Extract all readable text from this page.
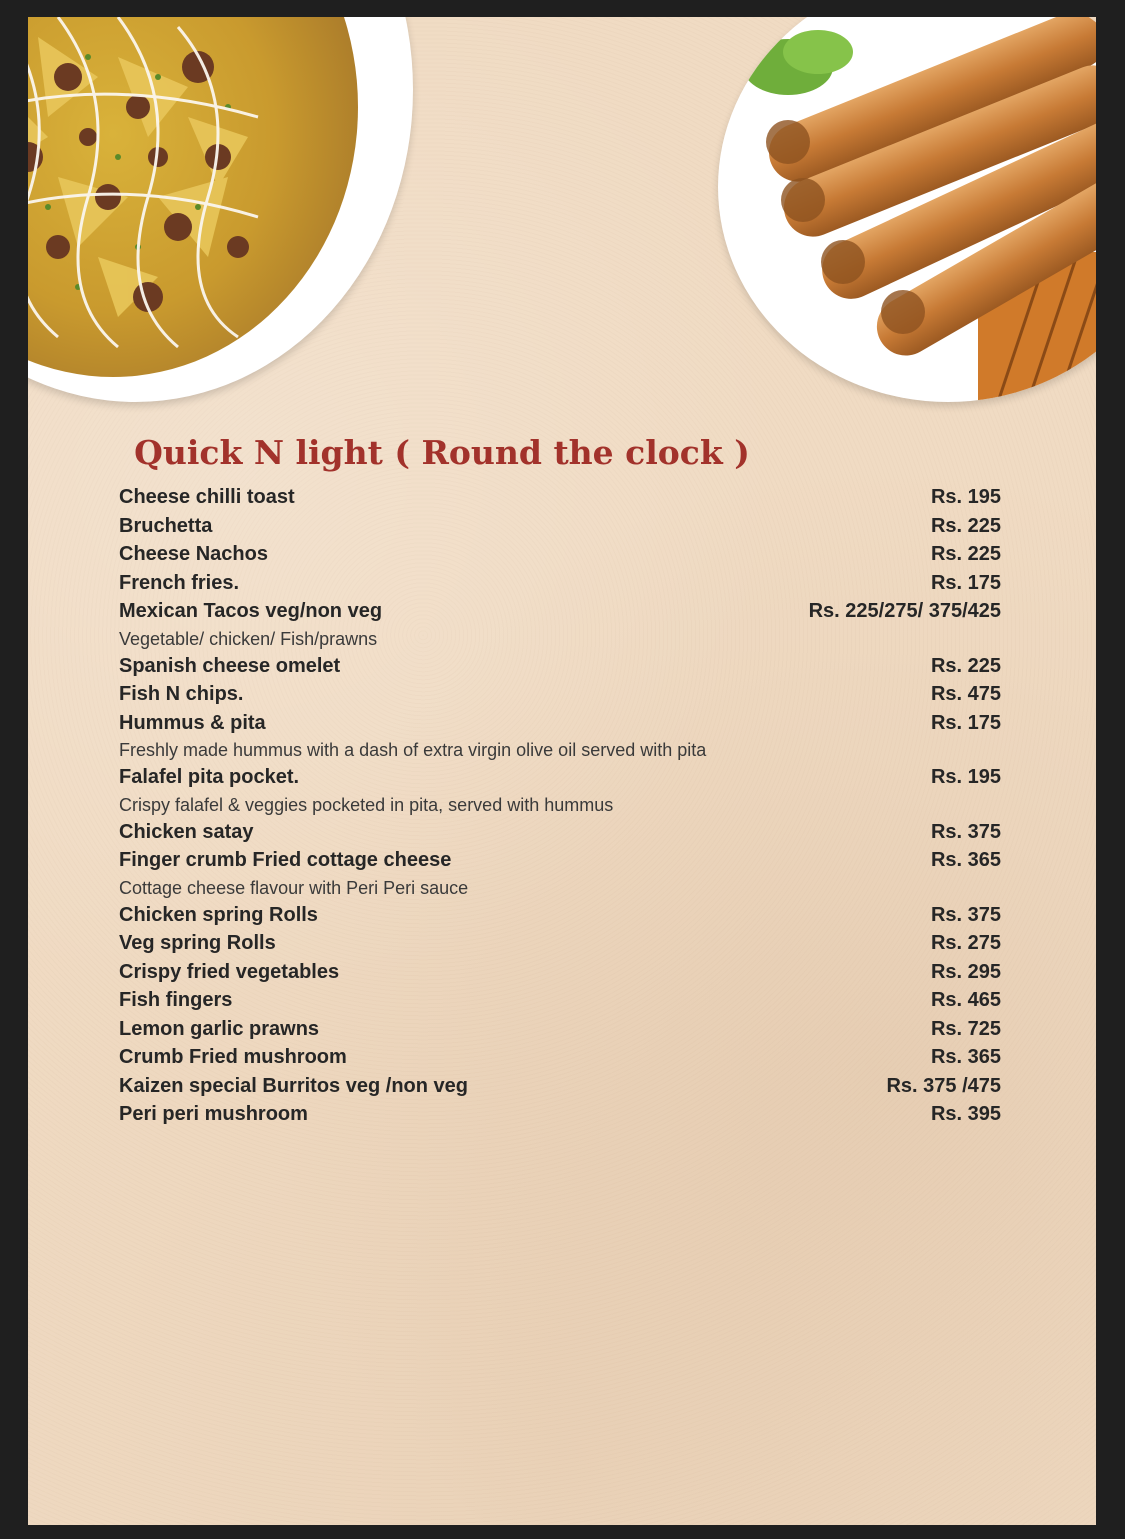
Quick N light ( Round the clock )
Cheese chilli toast	Rs. 195
Bruchetta	Rs. 225
Cheese Nachos	Rs. 225
French fries.	Rs. 175
Mexican Tacos veg/non veg	Rs. 225/275/ 375/425
Vegetable/ chicken/ Fish/prawns
Spanish cheese omelet	Rs. 225
Fish N chips.	Rs. 475
Hummus & pita	Rs. 175
Freshly made hummus with a dash of extra virgin olive oil served with pita
Falafel pita pocket.	Rs. 195
Crispy falafel & veggies pocketed in pita, served with hummus
Chicken satay	Rs. 375
Finger crumb Fried cottage cheese	Rs. 365
Cottage cheese flavour with Peri Peri sauce
Chicken spring Rolls	Rs. 375
Veg spring Rolls	Rs. 275
Crispy fried vegetables	Rs. 295
Fish fingers	Rs. 465
Lemon garlic prawns	Rs. 725
Crumb Fried mushroom	Rs. 365
Kaizen special Burritos veg /non veg	Rs. 375 /475
Peri peri mushroom	Rs. 395
